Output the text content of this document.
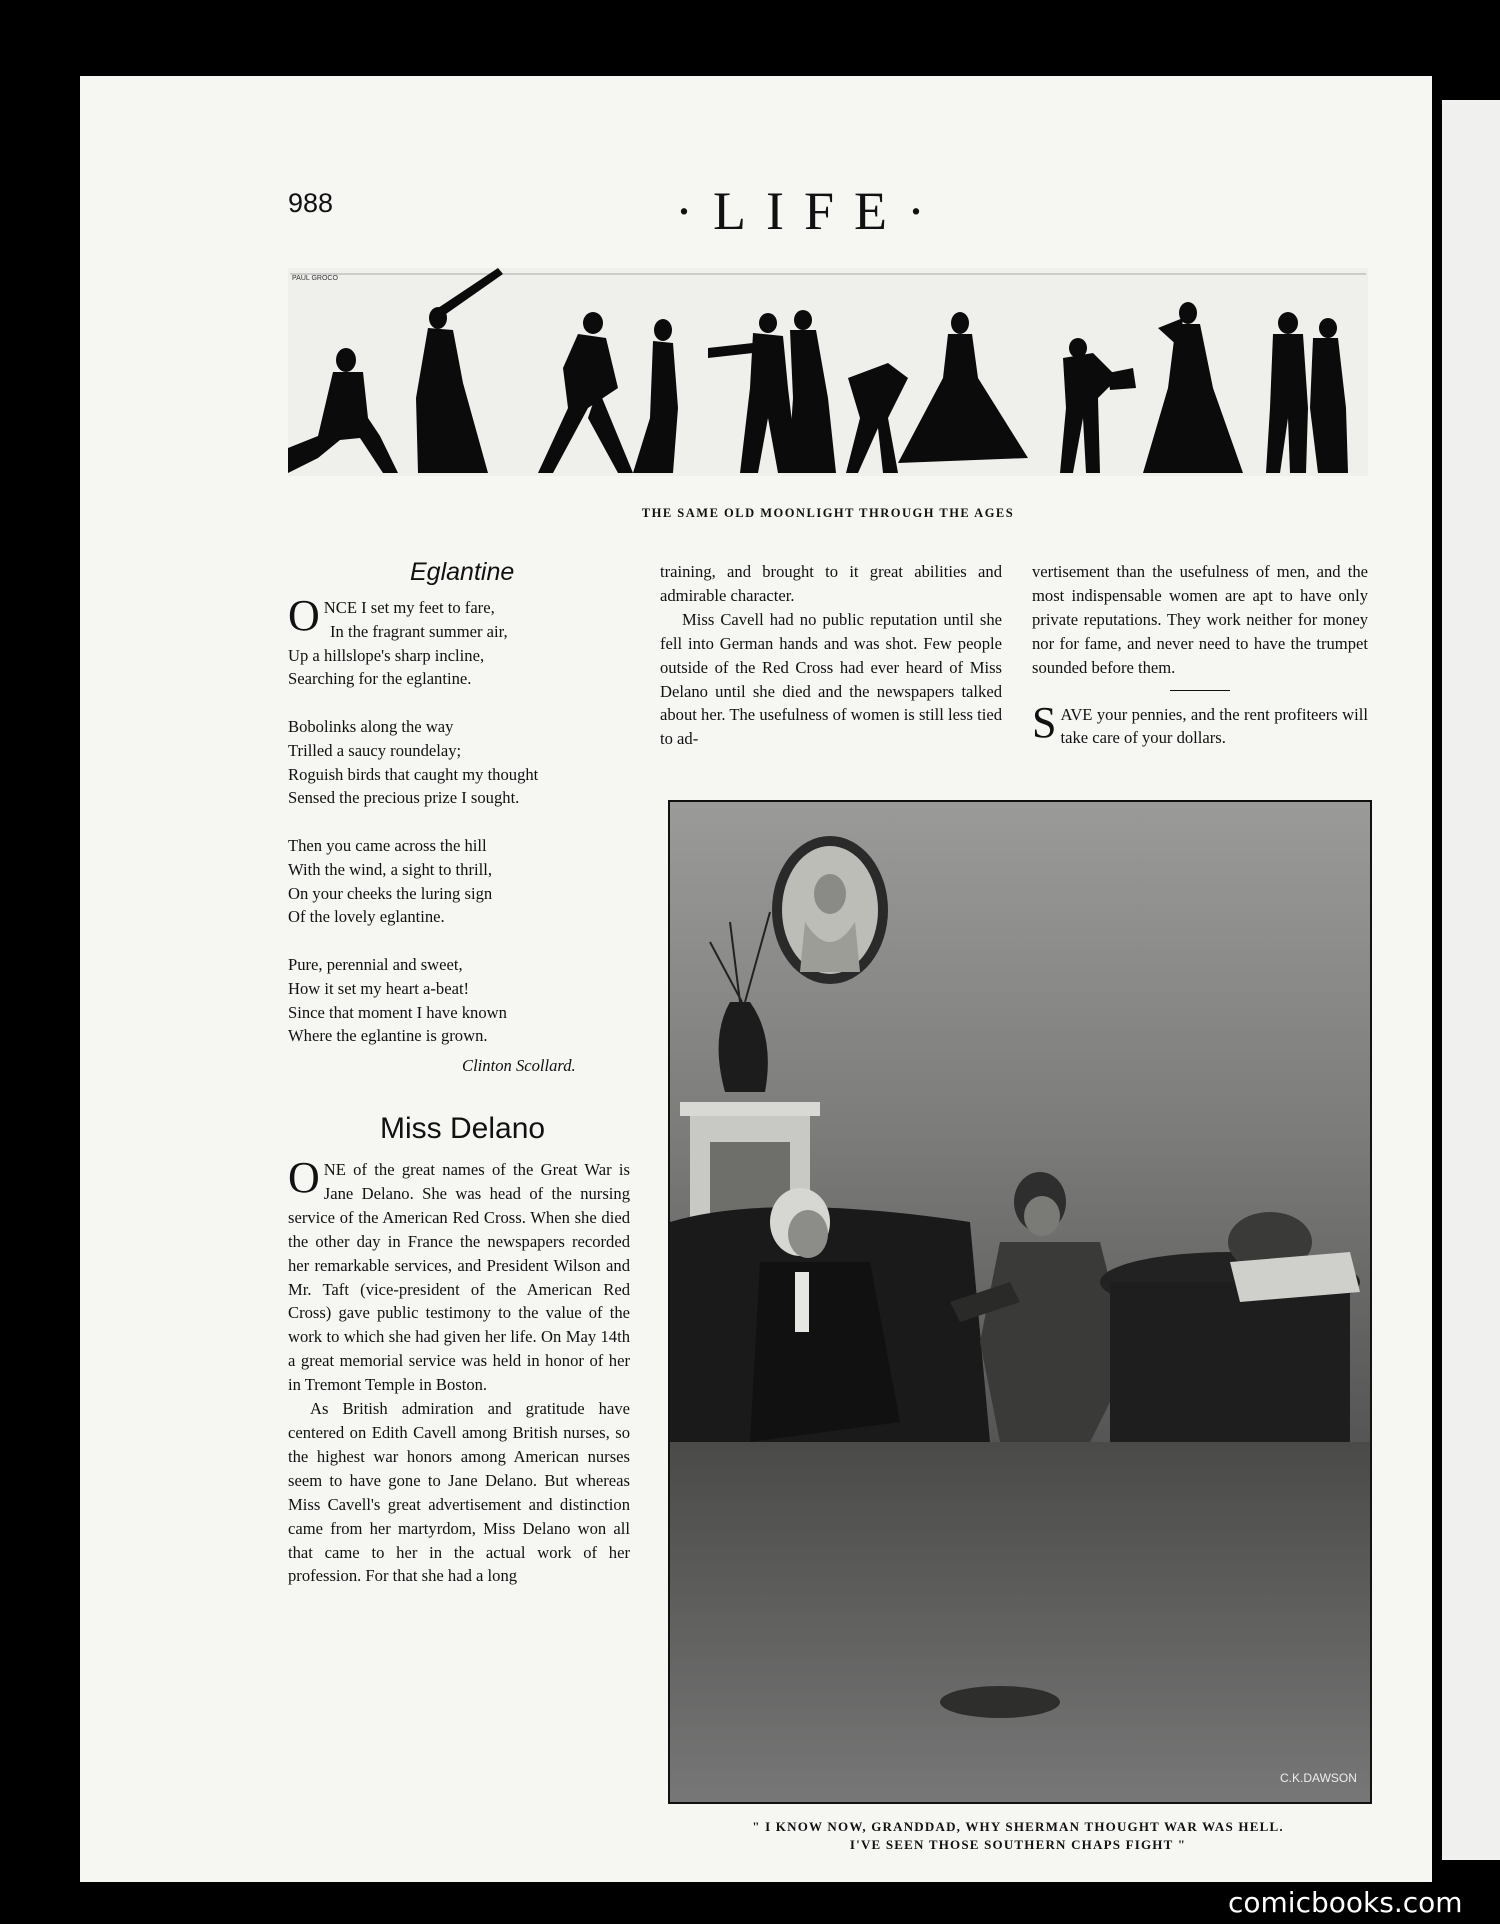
988	·LIFE·
PAUL GROCO
THE SAME OLD MOONLIGHT THROUGH THE AGES
Eglantine
O NCE I set my feet to fare,
In the fragrant summer air,
Up a hillslope's sharp incline,
Searching for the eglantine.
Bobolinks along the way
Trilled a saucy roundelay;
Roguish birds that caught my thought
Sensed the precious prize I sought.
Then you came across the hill
With the wind, a sight to thrill,
On your cheeks the luring sign
Of the lovely eglantine.
Pure, perennial and sweet,
How it set my heart a-beat!
Since that moment I have known
Where the eglantine is grown.
Clinton Scollard.
Miss Delano

ONE of the great names of the Great War is Jane Delano. She was head of the nursing service of the American Red Cross. When she died the other day in France the newspapers recorded her remarkable services, and President Wilson and Mr. Taft (vice-president of the American Red Cross) gave public testimony to the value of the work to which she had given her life. On May 14th a great memorial service was held in honor of her in Tremont Temple in Boston.

As British admiration and gratitude have centered on Edith Cavell among British nurses, so the highest war honors among American nurses seem to have gone to Jane Delano. But whereas Miss Cavell's great advertisement and distinction came from her martyrdom, Miss Delano won all that came to her in the actual work of her profession. For that she had a long

training, and brought to it great abilities and admirable character.

Miss Cavell had no public reputation until she fell into German hands and was shot. Few people outside of the Red Cross had ever heard of Miss Delano until she died and the newspapers talked about her. The usefulness of women is still less tied to ad-

vertisement than the usefulness of men, and the most indispensable women are apt to have only private reputations. They work neither for money nor for fame, and never need to have the trumpet sounded before them.

SAVE your pennies, and the rent profiteers will take care of your dollars.

C.K.DAWSON
" I KNOW NOW, GRANDDAD, WHY SHERMAN THOUGHT WAR WAS HELL.
I'VE SEEN THOSE SOUTHERN CHAPS FIGHT "
comicbooks.com
